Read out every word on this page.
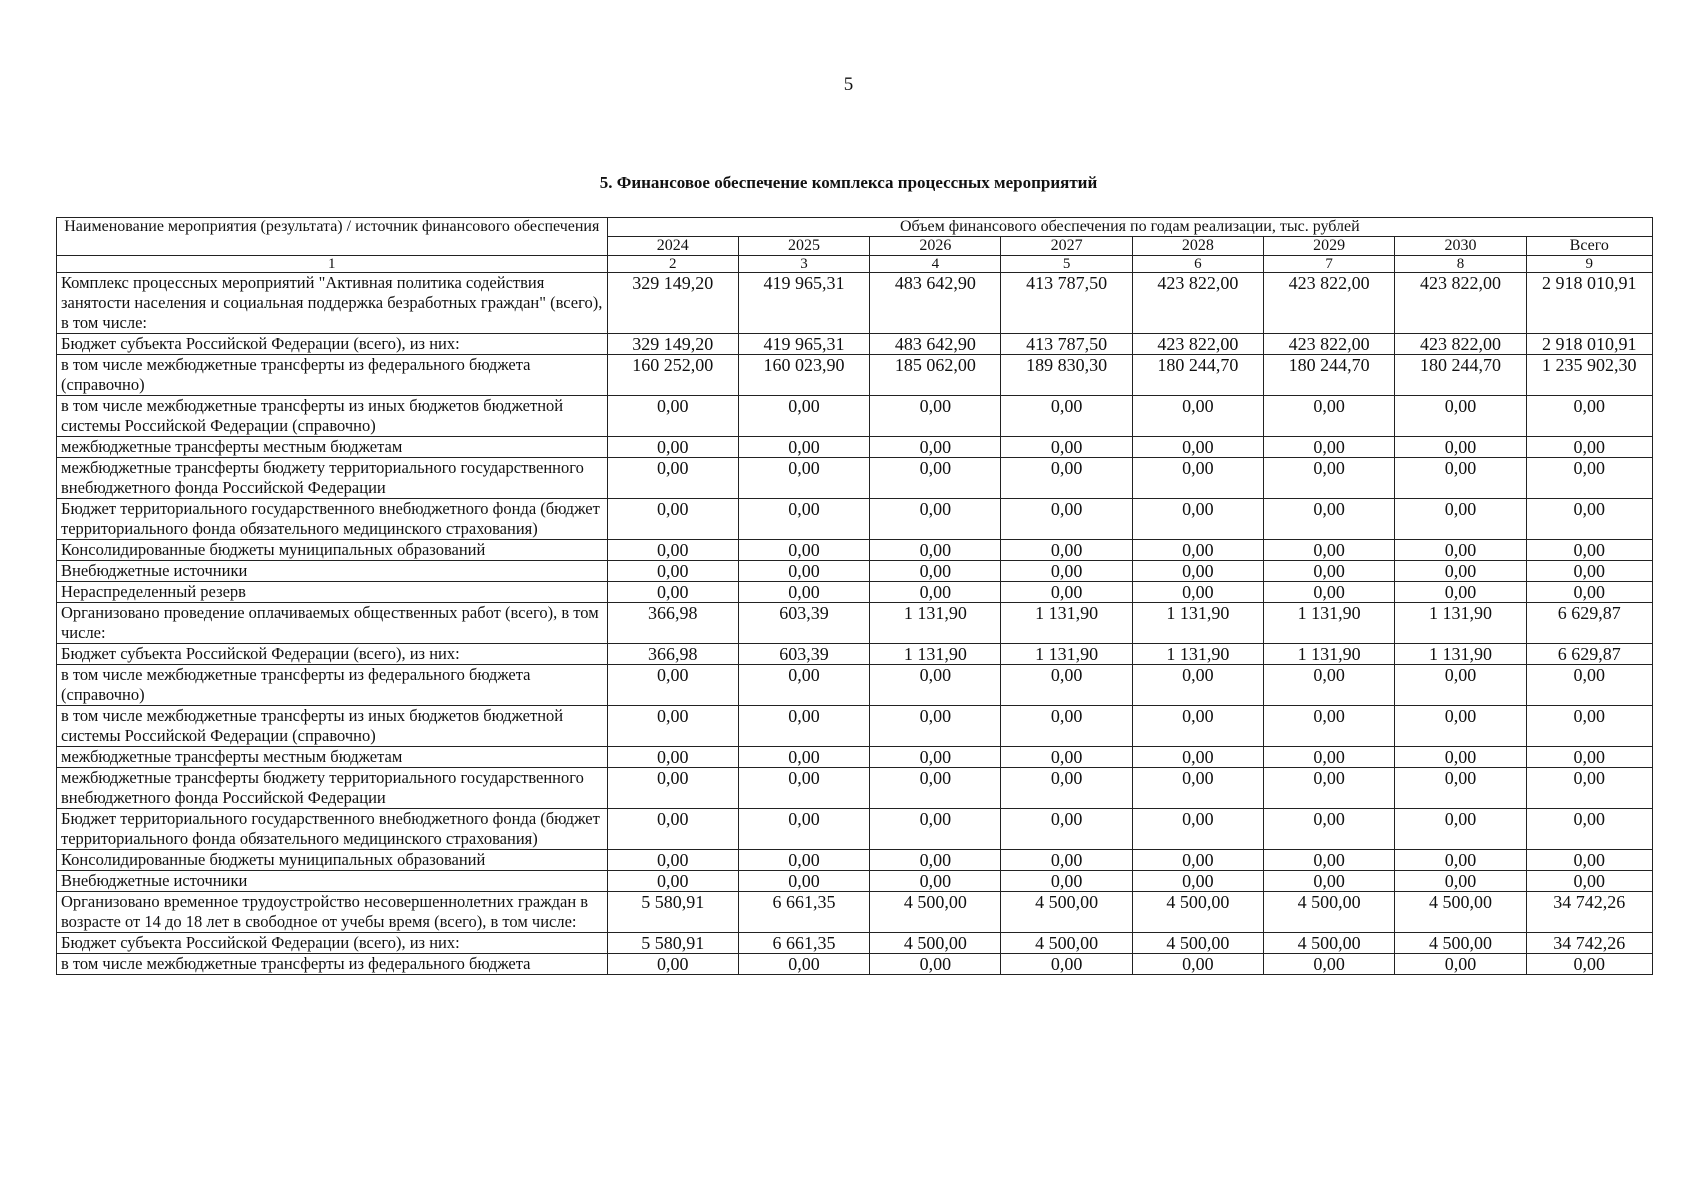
5
5. Финансовое обеспечение комплекса процессных мероприятий
Наименование мероприятия (результата) / источник финансового обеспечения	Объем финансового обеспечения по годам реализации, тыс. рублей							
	2024	2025	2026	2027	2028	2029	2030	Всего
1	2	3	4	5	6	7	8	9
Комплекс процессных мероприятий "Активная политика содействия занятости населения и социальная поддержка безработных граждан" (всего), в том числе:	329 149,20	419 965,31	483 642,90	413 787,50	423 822,00	423 822,00	423 822,00	2 918 010,91
Бюджет субъекта Российской Федерации (всего), из них:	329 149,20	419 965,31	483 642,90	413 787,50	423 822,00	423 822,00	423 822,00	2 918 010,91
в том числе межбюджетные трансферты из федерального бюджета (справочно)	160 252,00	160 023,90	185 062,00	189 830,30	180 244,70	180 244,70	180 244,70	1 235 902,30
в том числе межбюджетные трансферты из иных бюджетов бюджетной системы Российской Федерации (справочно)	0,00	0,00	0,00	0,00	0,00	0,00	0,00	0,00
межбюджетные трансферты местным бюджетам	0,00	0,00	0,00	0,00	0,00	0,00	0,00	0,00
межбюджетные трансферты бюджету территориального государственного внебюджетного фонда Российской Федерации	0,00	0,00	0,00	0,00	0,00	0,00	0,00	0,00
Бюджет территориального государственного внебюджетного фонда (бюджет территориального фонда обязательного медицинского страхования)	0,00	0,00	0,00	0,00	0,00	0,00	0,00	0,00
Консолидированные бюджеты муниципальных образований	0,00	0,00	0,00	0,00	0,00	0,00	0,00	0,00
Внебюджетные источники	0,00	0,00	0,00	0,00	0,00	0,00	0,00	0,00
Нераспределенный резерв	0,00	0,00	0,00	0,00	0,00	0,00	0,00	0,00
Организовано проведение оплачиваемых общественных работ (всего), в том числе:	366,98	603,39	1 131,90	1 131,90	1 131,90	1 131,90	1 131,90	6 629,87
Бюджет субъекта Российской Федерации (всего), из них:	366,98	603,39	1 131,90	1 131,90	1 131,90	1 131,90	1 131,90	6 629,87
в том числе межбюджетные трансферты из федерального бюджета (справочно)	0,00	0,00	0,00	0,00	0,00	0,00	0,00	0,00
в том числе межбюджетные трансферты из иных бюджетов бюджетной системы Российской Федерации (справочно)	0,00	0,00	0,00	0,00	0,00	0,00	0,00	0,00
межбюджетные трансферты местным бюджетам	0,00	0,00	0,00	0,00	0,00	0,00	0,00	0,00
межбюджетные трансферты бюджету территориального государственного внебюджетного фонда Российской Федерации	0,00	0,00	0,00	0,00	0,00	0,00	0,00	0,00
Бюджет территориального государственного внебюджетного фонда (бюджет территориального фонда обязательного медицинского страхования)	0,00	0,00	0,00	0,00	0,00	0,00	0,00	0,00
Консолидированные бюджеты муниципальных образований	0,00	0,00	0,00	0,00	0,00	0,00	0,00	0,00
Внебюджетные источники	0,00	0,00	0,00	0,00	0,00	0,00	0,00	0,00
Организовано временное трудоустройство несовершеннолетних граждан в возрасте от 14 до 18 лет в свободное от учебы время (всего), в том числе:	5 580,91	6 661,35	4 500,00	4 500,00	4 500,00	4 500,00	4 500,00	34 742,26
Бюджет субъекта Российской Федерации (всего), из них:	5 580,91	6 661,35	4 500,00	4 500,00	4 500,00	4 500,00	4 500,00	34 742,26
в том числе межбюджетные трансферты из федерального бюджета	0,00	0,00	0,00	0,00	0,00	0,00	0,00	0,00
